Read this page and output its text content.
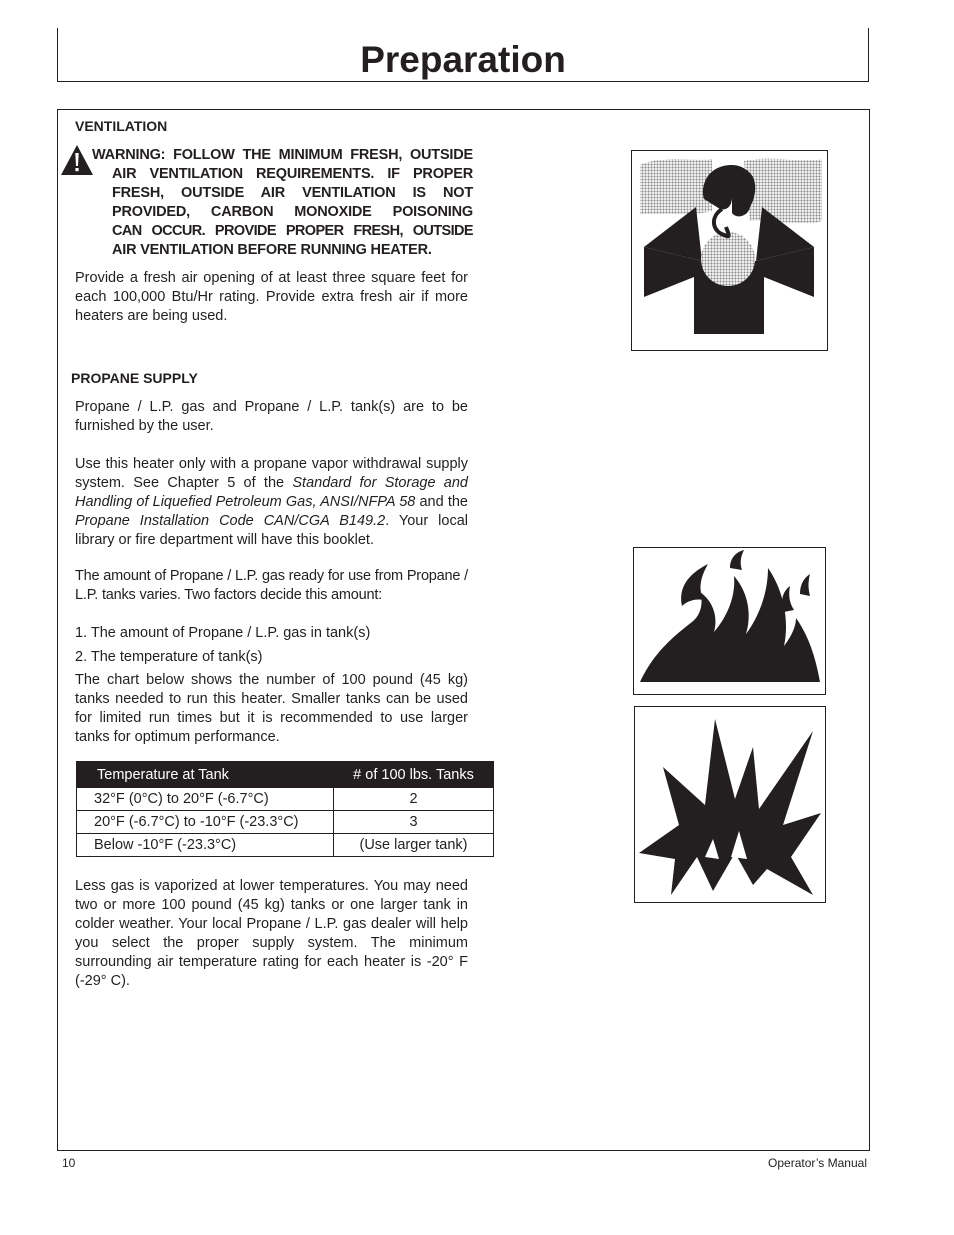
Preparation

VENTILATION

WARNING: FOLLOW THE MINIMUM FRESH, OUTSIDE
AIR VENTILATION REQUIREMENTS. IF PROPER
FRESH, OUTSIDE AIR VENTILATION IS NOT
PROVIDED, CARBON MONOXIDE POISONING
CAN OCCUR. PROVIDE PROPER FRESH, OUTSIDE
AIR VENTILATION BEFORE RUNNING HEATER.

Provide a fresh air opening of at least three square feet for each 100,000 Btu/Hr rating. Provide extra fresh air if more heaters are being used.

PROPANE SUPPLY

Propane / L.P. gas and Propane / L.P. tank(s) are to be furnished by the user.

Use this heater only with a propane vapor withdrawal supply system. See Chapter 5 of the Standard for Storage and Handling of Liquefied Petroleum Gas, ANSI/NFPA 58 and the Propane Installation Code CAN/CGA B149.2. Your local library or fire department will have this booklet.

The amount of Propane / L.P. gas ready for use from Propane / L.P. tanks varies. Two factors decide this amount:

1. The amount of Propane / L.P. gas in tank(s)

2. The temperature of tank(s)

The chart below shows the number of 100 pound (45 kg) tanks needed to run this heater. Smaller tanks can be used for limited run times but it is recommended to use larger tanks for optimum performance.

Temperature at Tank	# of 100 lbs. Tanks
32°F (0°C) to 20°F (-6.7°C)	2
20°F (-6.7°C) to -10°F (-23.3°C)	3
Below -10°F (-23.3°C)	(Use larger tank)

Less gas is vaporized at lower temperatures. You may need two or more 100 pound (45 kg) tanks or one larger tank in colder weather. Your local Propane / L.P. gas dealer will help you select the proper supply system. The minimum surrounding air temperature rating for each heater is -20° F (-29° C).

10	Operator’s Manual
